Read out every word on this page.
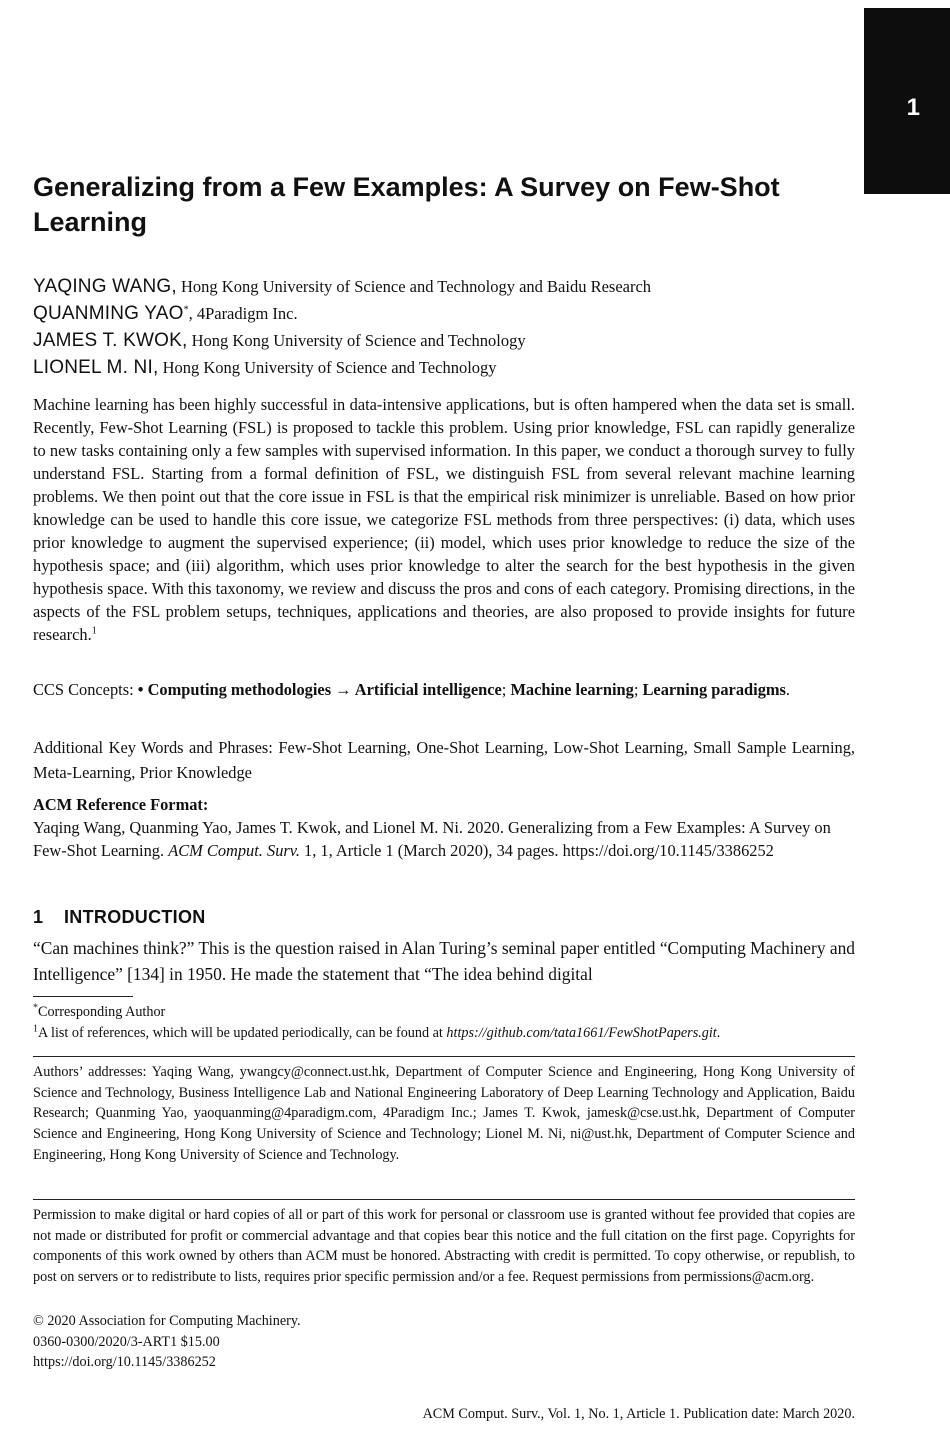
1
Generalizing from a Few Examples: A Survey on Few-Shot Learning
YAQING WANG, Hong Kong University of Science and Technology and Baidu Research
QUANMING YAO*, 4Paradigm Inc.
JAMES T. KWOK, Hong Kong University of Science and Technology
LIONEL M. NI, Hong Kong University of Science and Technology

Machine learning has been highly successful in data-intensive applications, but is often hampered when the data set is small. Recently, Few-Shot Learning (FSL) is proposed to tackle this problem. Using prior knowledge, FSL can rapidly generalize to new tasks containing only a few samples with supervised information. In this paper, we conduct a thorough survey to fully understand FSL. Starting from a formal definition of FSL, we distinguish FSL from several relevant machine learning problems. We then point out that the core issue in FSL is that the empirical risk minimizer is unreliable. Based on how prior knowledge can be used to handle this core issue, we categorize FSL methods from three perspectives: (i) data, which uses prior knowledge to augment the supervised experience; (ii) model, which uses prior knowledge to reduce the size of the hypothesis space; and (iii) algorithm, which uses prior knowledge to alter the search for the best hypothesis in the given hypothesis space. With this taxonomy, we review and discuss the pros and cons of each category. Promising directions, in the aspects of the FSL problem setups, techniques, applications and theories, are also proposed to provide insights for future research.$^1$

CCS Concepts: • Computing methodologies → Artificial intelligence; Machine learning; Learning paradigms.

Additional Key Words and Phrases: Few-Shot Learning, One-Shot Learning, Low-Shot Learning, Small Sample Learning, Meta-Learning, Prior Knowledge

ACM Reference Format:

Yaqing Wang, Quanming Yao, James T. Kwok, and Lionel M. Ni. 2020. Generalizing from a Few Examples: A Survey on Few-Shot Learning. ACM Comput. Surv. 1, 1, Article 1 (March 2020), 34 pages. https://doi.org/10.1145/3386252

1 INTRODUCTION

“Can machines think?” This is the question raised in Alan Turing’s seminal paper entitled “Computing Machinery and Intelligence” [134] in 1950. He made the statement that “The idea behind digital

*Corresponding Author

$^1$A list of references, which will be updated periodically, can be found at https://github.com/tata1661/FewShotPapers.git.

Authors’ addresses: Yaqing Wang, ywangcy@connect.ust.hk, Department of Computer Science and Engineering, Hong Kong University of Science and Technology, Business Intelligence Lab and National Engineering Laboratory of Deep Learning Technology and Application, Baidu Research; Quanming Yao, yaoquanming@4paradigm.com, 4Paradigm Inc.; James T. Kwok, jamesk@cse.ust.hk, Department of Computer Science and Engineering, Hong Kong University of Science and Technology; Lionel M. Ni, ni@ust.hk, Department of Computer Science and Engineering, Hong Kong University of Science and Technology.

Permission to make digital or hard copies of all or part of this work for personal or classroom use is granted without fee provided that copies are not made or distributed for profit or commercial advantage and that copies bear this notice and the full citation on the first page. Copyrights for components of this work owned by others than ACM must be honored. Abstracting with credit is permitted. To copy otherwise, or republish, to post on servers or to redistribute to lists, requires prior specific permission and/or a fee. Request permissions from permissions@acm.org.

© 2020 Association for Computing Machinery.
0360-0300/2020/3-ART1 $15.00
https://doi.org/10.1145/3386252

ACM Comput. Surv., Vol. 1, No. 1, Article 1. Publication date: March 2020.
